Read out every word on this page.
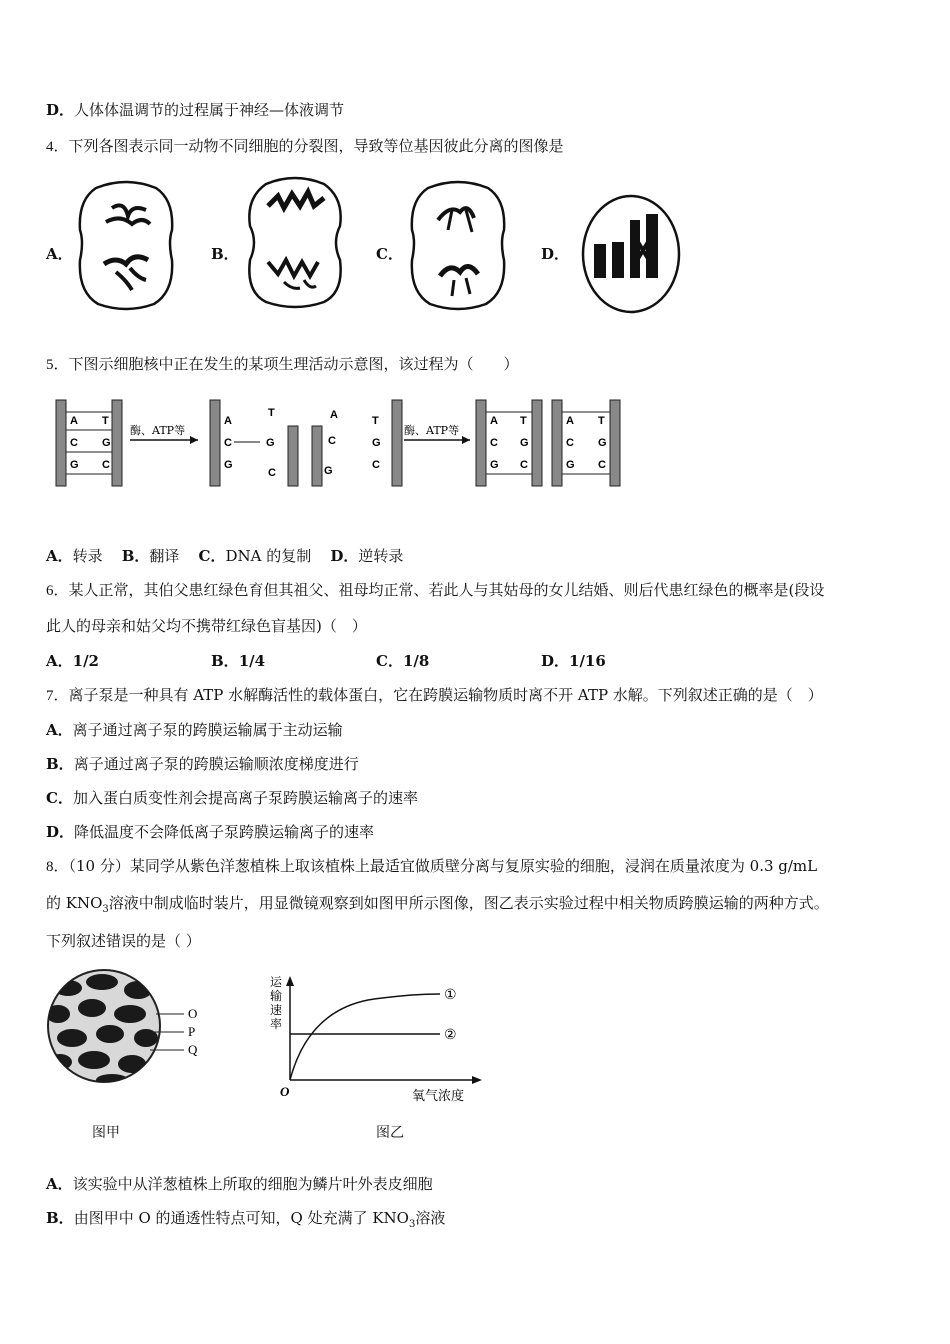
D．人体体温调节的过程属于神经—体液调节
4．下列各图表示同一动物不同细胞的分裂图，导致等位基因彼此分离的图像是
A．	B．	C．	D．
5．下图示细胞核中正在发生的某项生理活动示意图，该过程为（　　）
A T
C G
G C
酶、ATP等
A
T
C	G
G
C
A	T
C	G
G	C
酶、ATP等
A T
C G
G C
A T
C G
G C
A．转录 B．翻译 C．DNA 的复制 D．逆转录
6．某人正常，其伯父患红绿色育但其祖父、祖母均正常、若此人与其姑母的女儿结婚、则后代患红绿色的概率是(段设
此人的母亲和姑父均不携带红绿色盲基因)（　）
A．1/2	B．1/4	C．1/8	D．1/16
7．离子泵是一种具有 ATP 水解酶活性的载体蛋白，它在跨膜运输物质时离不开 ATP 水解。下列叙述正确的是（　）
A．离子通过离子泵的跨膜运输属于主动运输
B．离子通过离子泵的跨膜运输顺浓度梯度进行
C．加入蛋白质变性剂会提高离子泵跨膜运输离子的速率
D．降低温度不会降低离子泵跨膜运输离子的速率
8．（10 分）某同学从紫色洋葱植株上取该植株上最适宜做质壁分离与复原实验的细胞，浸润在质量浓度为 0.3 g/mL
的 $KNO_3$溶液中制成临时装片，用显微镜观察到如图甲所示图像，图乙表示实验过程中相关物质跨膜运输的两种方式。
下列叙述错误的是（ ）
O
P
Q
图甲
运
输
速
率
①
②
O	氧气浓度
图乙
A．该实验中从洋葱植株上所取的细胞为鳞片叶外表皮细胞
B．由图甲中 O 的通透性特点可知，Q 处充满了 $KNO_3$溶液
